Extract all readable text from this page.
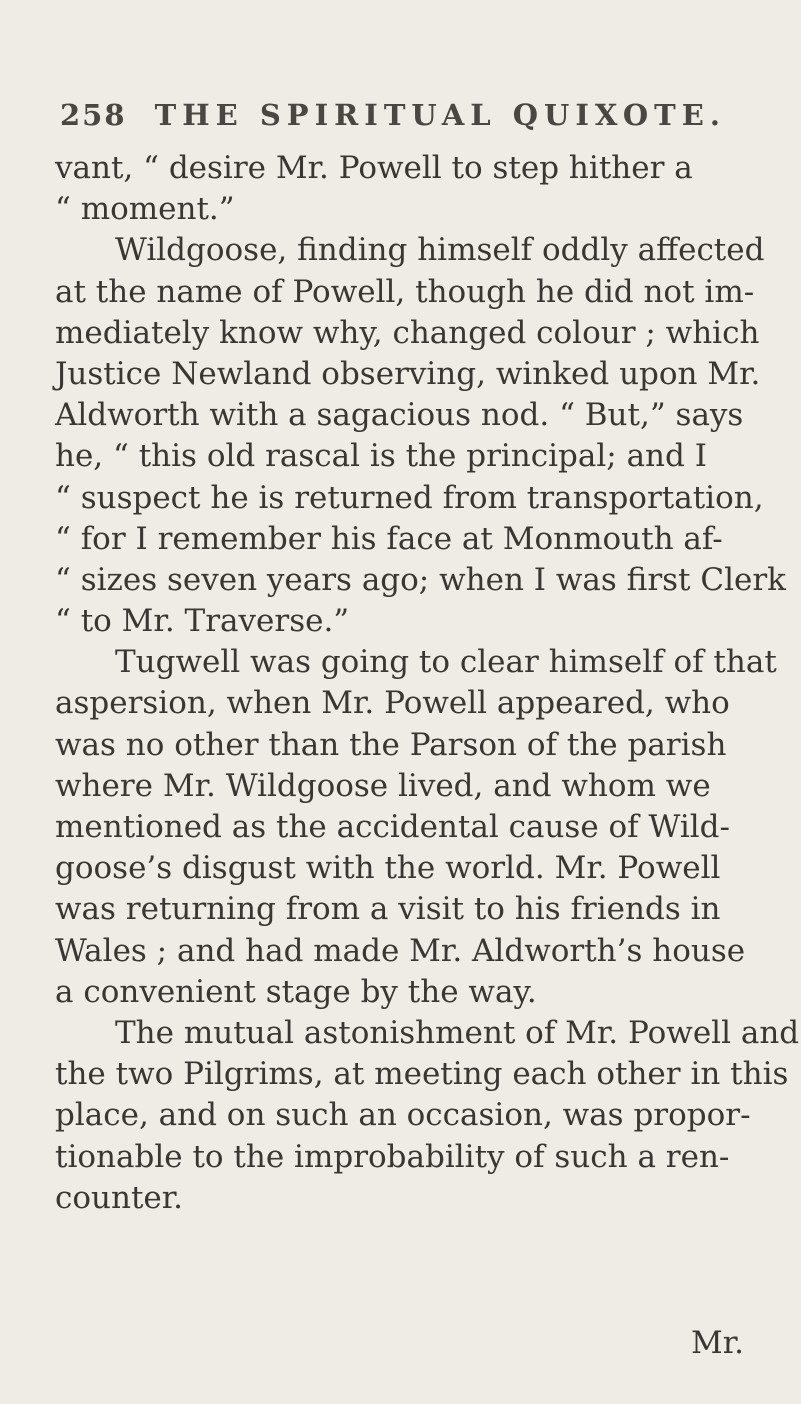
258 THE SPIRITUAL QUIXOTE.
vant, “ desire Mr. Powell to step hither a
“ moment.”
Wildgoose, finding himself oddly affected
at the name of Powell, though he did not im-
mediately know why, changed colour ; which
Justice Newland observing, winked upon Mr.
Aldworth with a sagacious nod. “ But,” says
he, “ this old rascal is the principal; and I
“ suspect he is returned from transportation,
“ for I remember his face at Monmouth af-
“ sizes seven years ago; when I was first Clerk
“ to Mr. Traverse.”
Tugwell was going to clear himself of that
aspersion, when Mr. Powell appeared, who
was no other than the Parson of the parish
where Mr. Wildgoose lived, and whom we
mentioned as the accidental cause of Wild-
goose’s disgust with the world. Mr. Powell
was returning from a visit to his friends in
Wales ; and had made Mr. Aldworth’s house
a convenient stage by the way.
The mutual astonishment of Mr. Powell and
the two Pilgrims, at meeting each other in this
place, and on such an occasion, was propor-
tionable to the improbability of such a ren-
counter.
Mr.
